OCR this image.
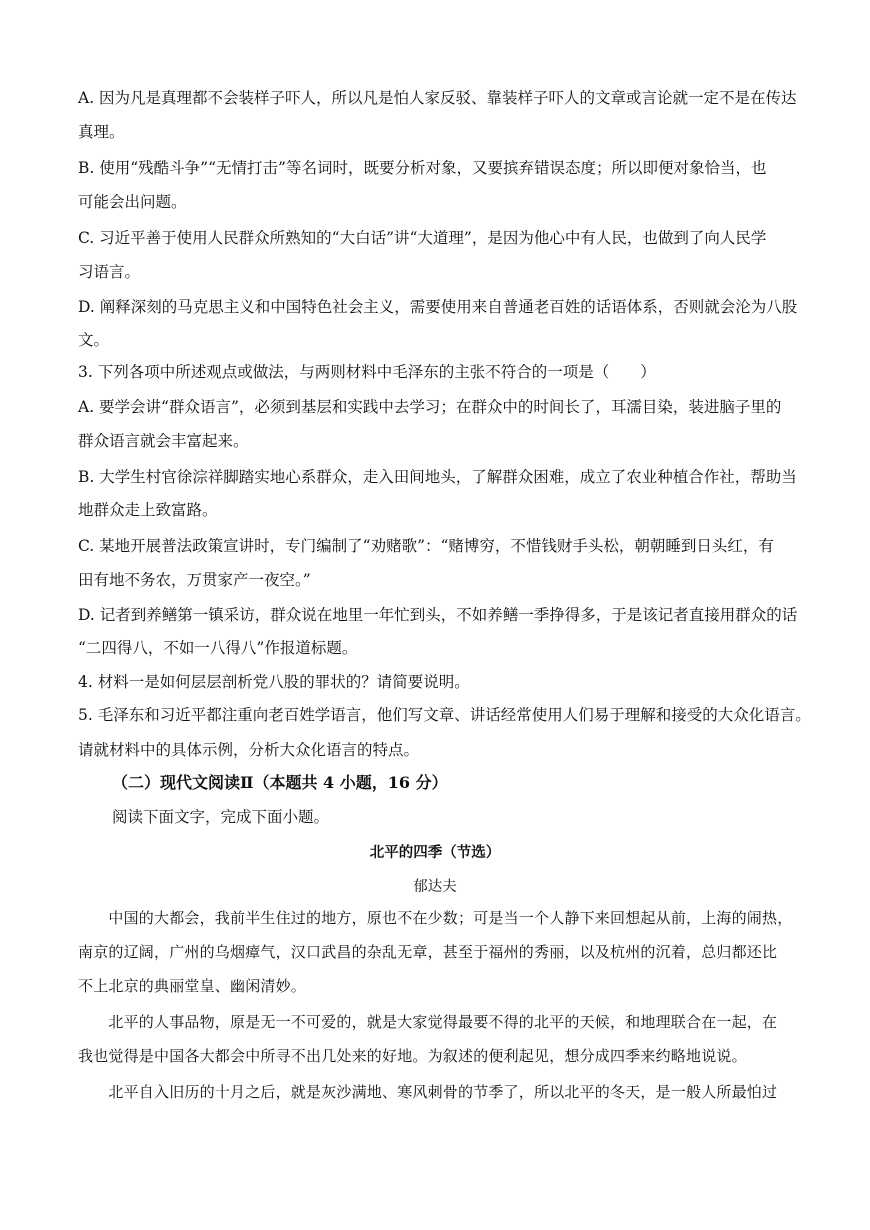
A. 因为凡是真理都不会装样子吓人，所以凡是怕人家反驳、靠装样子吓人的文章或言论就一定不是在传达
真理。
B. 使用“残酷斗争”“无情打击”等名词时，既要分析对象，又要摈弃错误态度；所以即便对象恰当，也
可能会出问题。
C. 习近平善于使用人民群众所熟知的“大白话”讲“大道理”，是因为他心中有人民，也做到了向人民学
习语言。
D. 阐释深刻的马克思主义和中国特色社会主义，需要使用来自普通老百姓的话语体系，否则就会沦为八股
文。
3. 下列各项中所述观点或做法，与两则材料中毛泽东的主张不符合的一项是（　　）
A. 要学会讲“群众语言”，必须到基层和实践中去学习；在群众中的时间长了，耳濡目染，装进脑子里的
群众语言就会丰富起来。
B. 大学生村官徐淙祥脚踏实地心系群众，走入田间地头，了解群众困难，成立了农业种植合作社，帮助当
地群众走上致富路。
C. 某地开展普法政策宣讲时，专门编制了“劝赌歌”：“赌博穷，不惜钱财手头松，朝朝睡到日头红，有
田有地不务农，万贯家产一夜空。”
D. 记者到养鳝第一镇采访，群众说在地里一年忙到头，不如养鳝一季挣得多，于是该记者直接用群众的话
“二四得八，不如一八得八”作报道标题。
4. 材料一是如何层层剖析党八股的罪状的？请简要说明。
5. 毛泽东和习近平都注重向老百姓学语言，他们写文章、讲话经常使用人们易于理解和接受的大众化语言。
请就材料中的具体示例，分析大众化语言的特点。
（二）现代文阅读Ⅱ（本题共 4 小题，16 分）
阅读下面文字，完成下面小题。
北平的四季（节选）
郁达夫
　　中国的大都会，我前半生住过的地方，原也不在少数；可是当一个人静下来回想起从前，上海的闹热，
南京的辽阔，广州的乌烟瘴气，汉口武昌的杂乱无章，甚至于福州的秀丽，以及杭州的沉着，总归都还比
不上北京的典丽堂皇、幽闲清妙。
　　北平的人事品物，原是无一不可爱的，就是大家觉得最要不得的北平的天候，和地理联合在一起，在
我也觉得是中国各大都会中所寻不出几处来的好地。为叙述的便利起见，想分成四季来约略地说说。
　　北平自入旧历的十月之后，就是灰沙满地、寒风刺骨的节季了，所以北平的冬天，是一般人所最怕过
